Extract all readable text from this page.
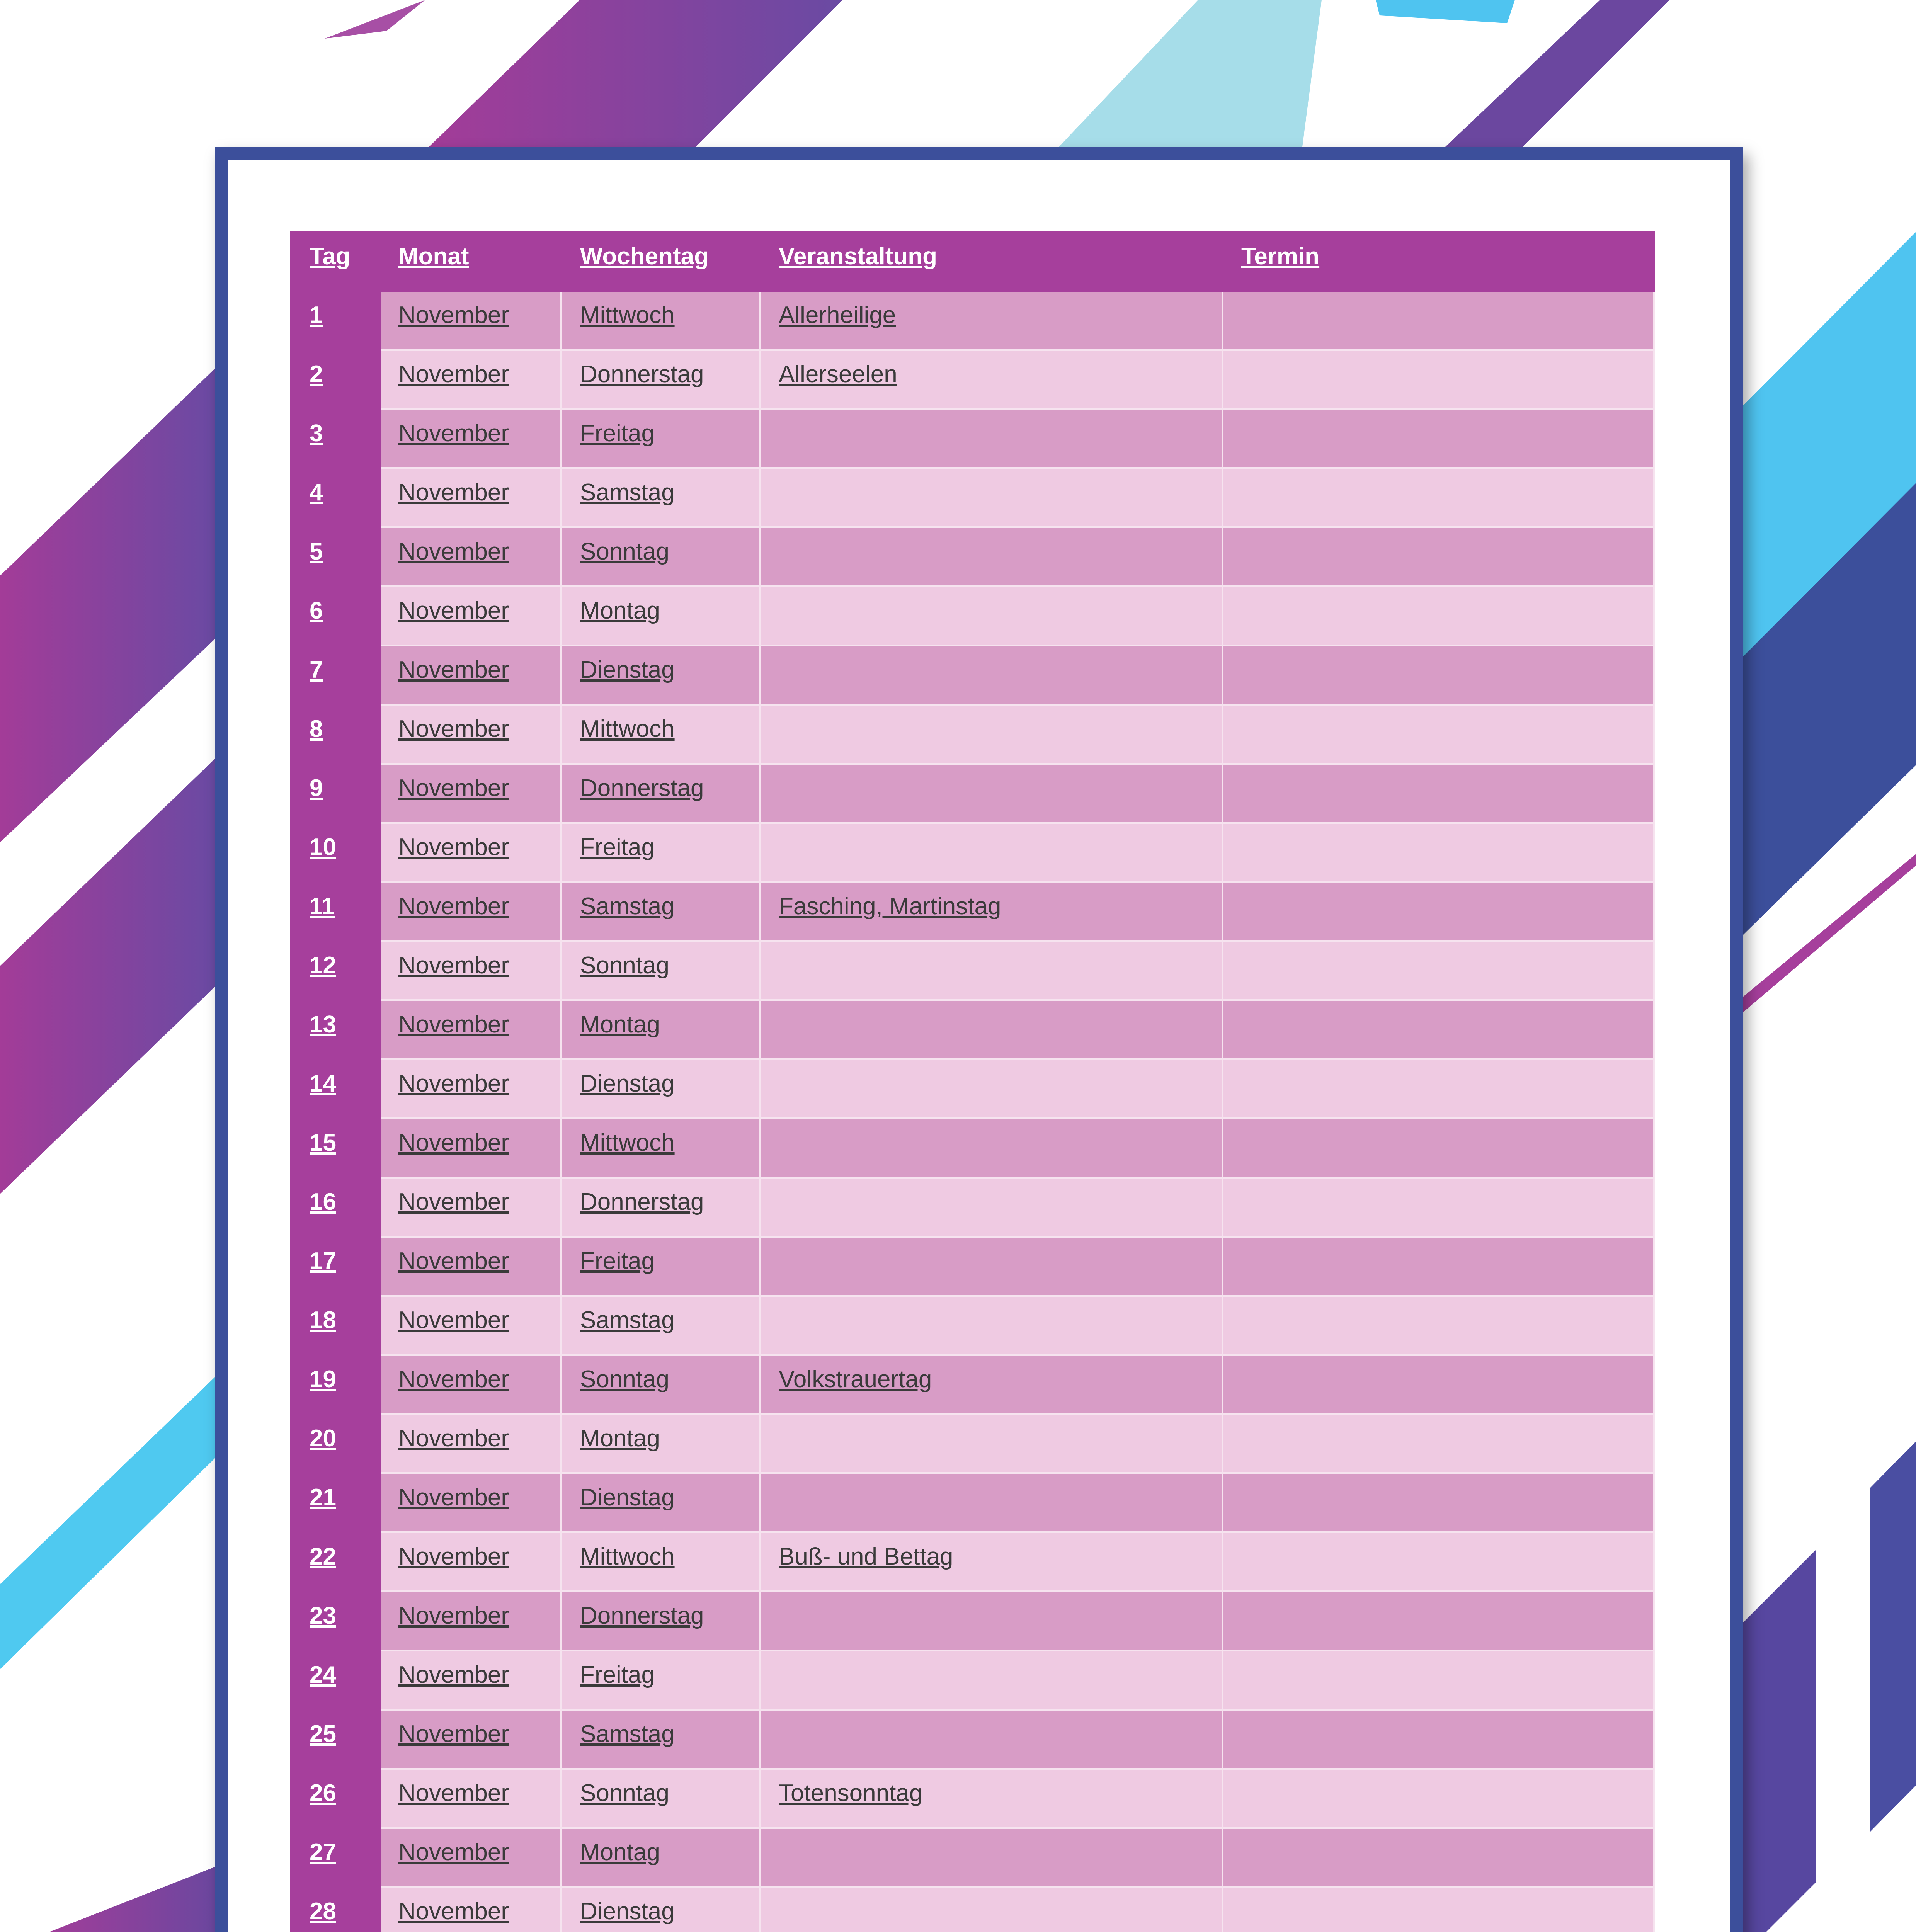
Tag	Monat	Wochentag	Veranstaltung	Termin
1	November	Mittwoch	Allerheilige	
2	November	Donnerstag	Allerseelen	
3	November	Freitag		
4	November	Samstag		
5	November	Sonntag		
6	November	Montag		
7	November	Dienstag		
8	November	Mittwoch		
9	November	Donnerstag		
10	November	Freitag		
11	November	Samstag	Fasching, Martinstag	
12	November	Sonntag		
13	November	Montag		
14	November	Dienstag		
15	November	Mittwoch		
16	November	Donnerstag		
17	November	Freitag		
18	November	Samstag		
19	November	Sonntag	Volkstrauertag	
20	November	Montag		
21	November	Dienstag		
22	November	Mittwoch	Buß- und Bettag	
23	November	Donnerstag		
24	November	Freitag		
25	November	Samstag		
26	November	Sonntag	Totensonntag	
27	November	Montag		
28	November	Dienstag		
